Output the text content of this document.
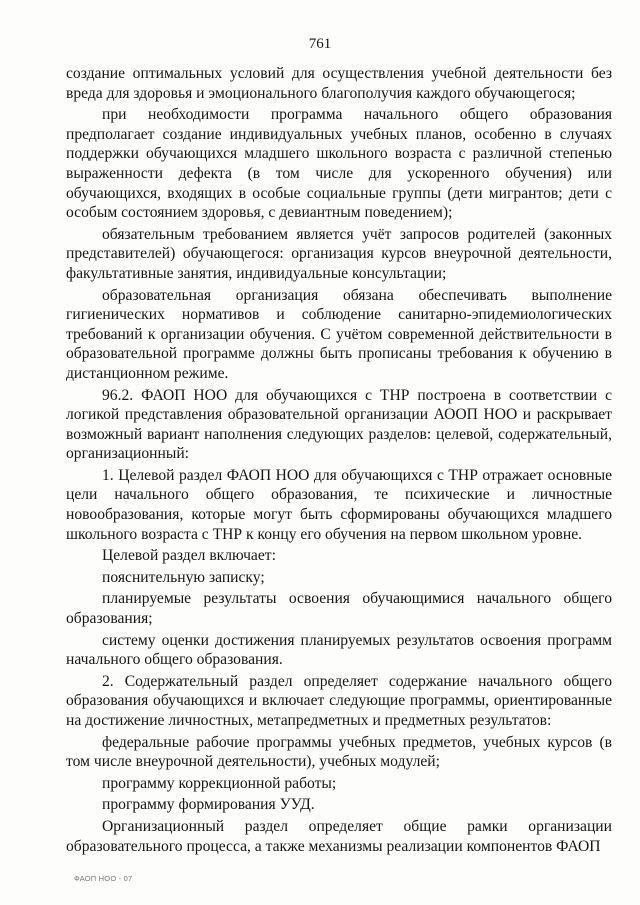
761

создание оптимальных условий для осуществления учебной деятельности без вреда для здоровья и эмоционального благополучия каждого обучающегося;

при необходимости программа начального общего образования предполагает создание индивидуальных учебных планов, особенно в случаях поддержки обучающихся младшего школьного возраста с различной степенью выраженности дефекта (в том числе для ускоренного обучения) или обучающихся, входящих в особые социальные группы (дети мигрантов; дети с особым состоянием здоровья, с девиантным поведением);

обязательным требованием является учёт запросов родителей (законных представителей) обучающегося: организация курсов внеурочной деятельности, факультативные занятия, индивидуальные консультации;

образовательная организация обязана обеспечивать выполнение гигиенических нормативов и соблюдение санитарно-эпидемиологических требований к организации обучения. С учётом современной действительности в образовательной программе должны быть прописаны требования к обучению в дистанционном режиме.

96.2. ФАОП НОО для обучающихся с ТНР построена в соответствии с логикой представления образовательной организации АООП НОО и раскрывает возможный вариант наполнения следующих разделов: целевой, содержательный, организационный:

1. Целевой раздел ФАОП НОО для обучающихся с ТНР отражает основные цели начального общего образования, те психические и личностные новообразования, которые могут быть сформированы обучающихся младшего школьного возраста с ТНР к концу его обучения на первом школьном уровне.

Целевой раздел включает:

пояснительную записку;

планируемые результаты освоения обучающимися начального общего образования;

систему оценки достижения планируемых результатов освоения программ начального общего образования.

2. Содержательный раздел определяет содержание начального общего образования обучающихся и включает следующие программы, ориентированные на достижение личностных, метапредметных и предметных результатов:

федеральные рабочие программы учебных предметов, учебных курсов (в том числе внеурочной деятельности), учебных модулей;

программу коррекционной работы;

программу формирования УУД.

Организационный раздел определяет общие рамки организации образовательного процесса, а также механизмы реализации компонентов ФАОП

ФАОП НОО - 07
